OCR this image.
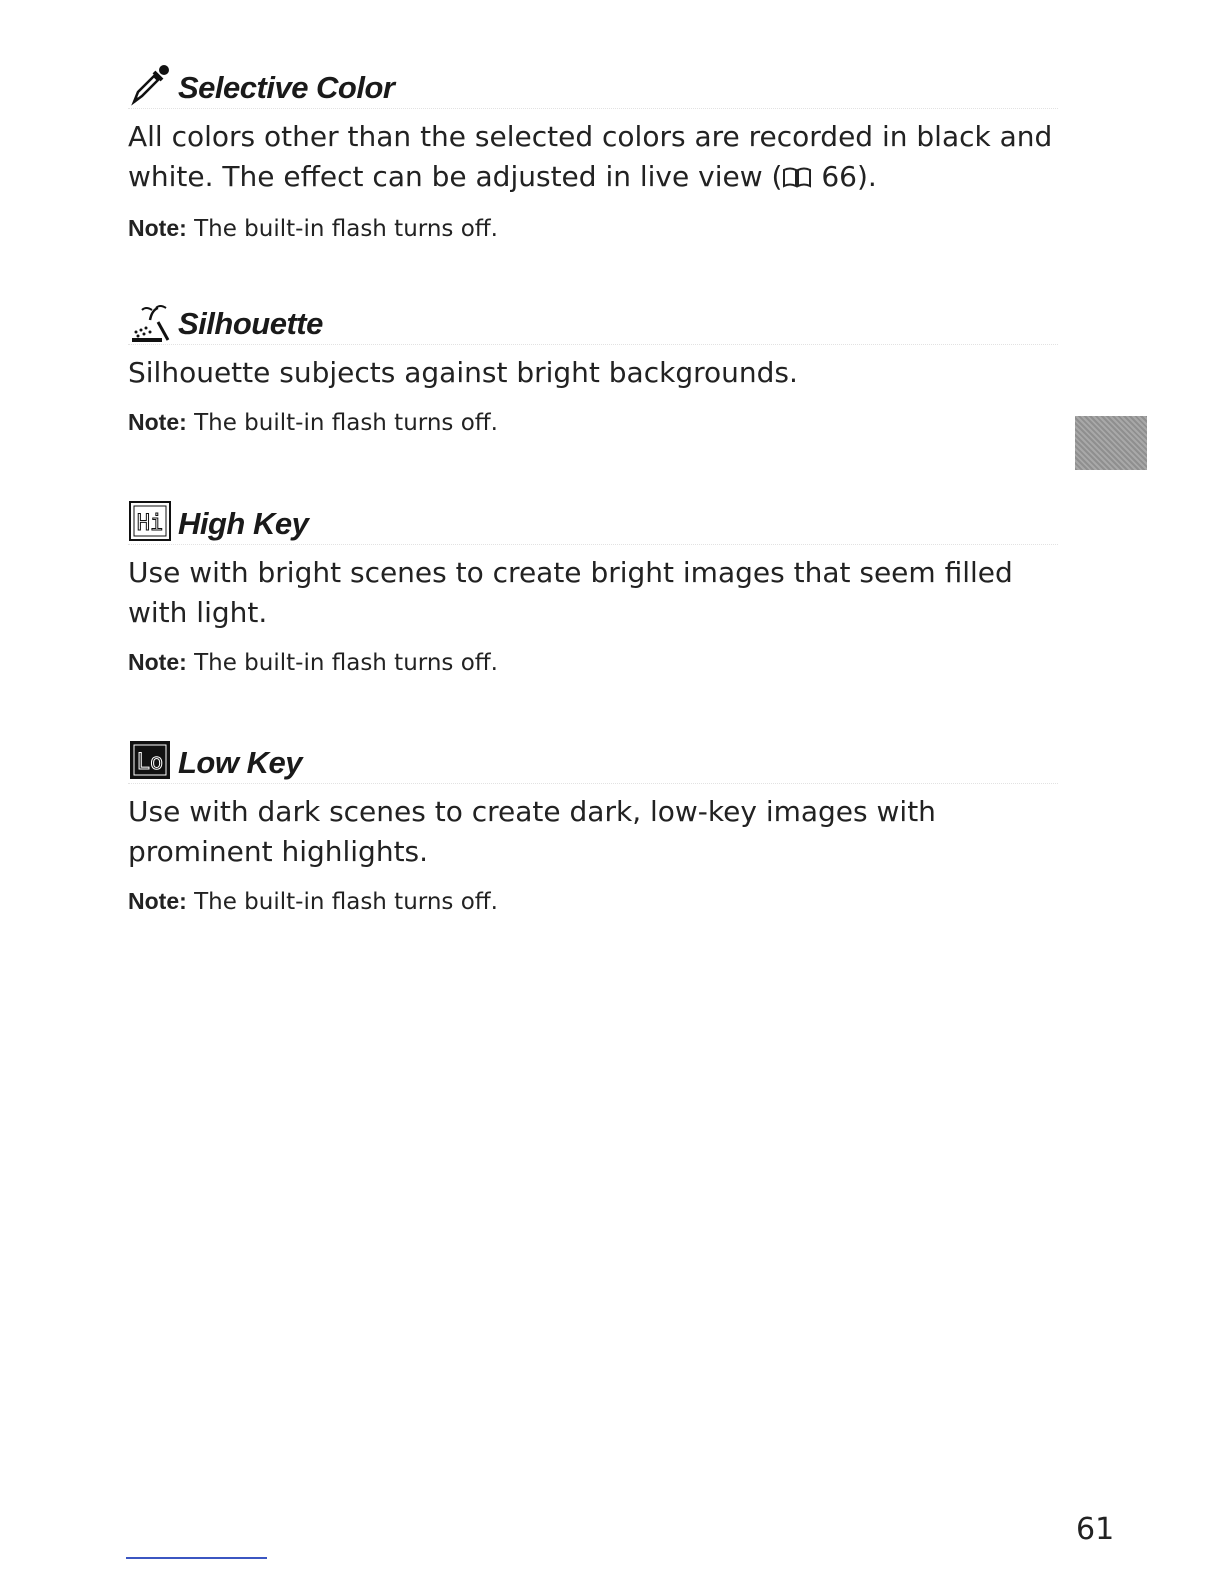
Selective Color
All colors other than the selected colors are recorded in black and white. The effect can be adjusted in live view ( 66).
Note: The built-in flash turns off.
Silhouette
Silhouette subjects against bright backgrounds.
Note: The built-in flash turns off.
Hi High Key
Use with bright scenes to create bright images that seem filled with light.
Note: The built-in flash turns off.
Lo Low Key
Use with dark scenes to create dark, low-key images with prominent highlights.
Note: The built-in flash turns off.
61
